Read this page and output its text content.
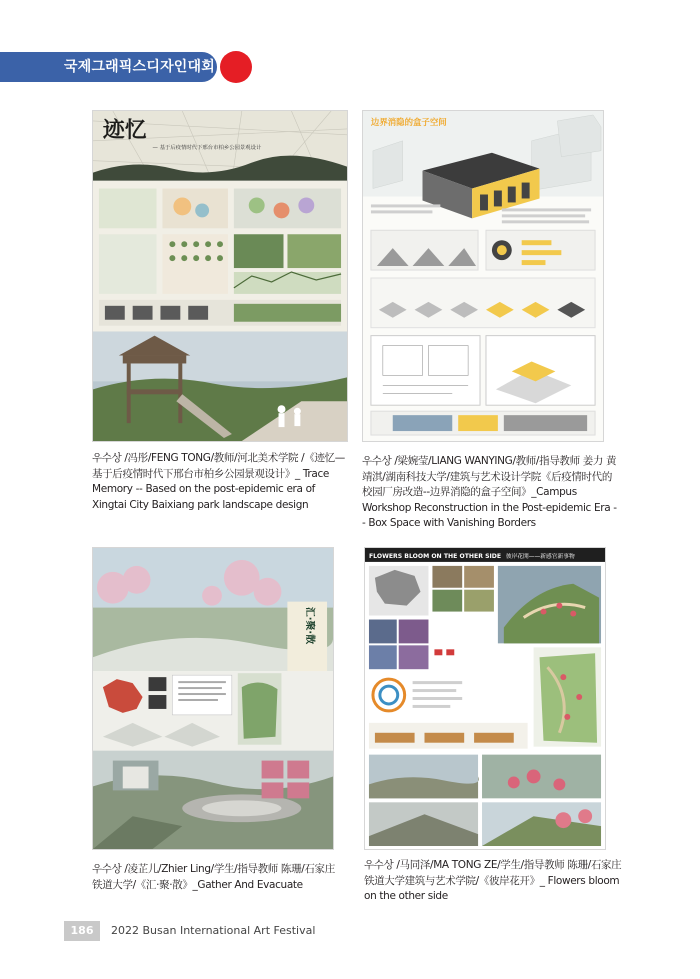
국제그래픽스디자인대회
迹忆
— 基于后疫情时代下邢台市柏乡公园景观设计
우수상 /冯彤/FENG TONG/教师/河北美术学院 /《迹忆—基于后疫情时代下邢台市柏乡公园景观设计》_ Trace Memory -- Based on the post-epidemic era of Xingtai City Baixiang park landscape design
边界消隐的盒子空间
우수상 /梁婉莹/LIANG WANYING/教师/指导教师 姜力 黄靖淇/湖南科技大学/建筑与艺术设计学院《后疫情时代的校园厂房改造--边界消隐的盒子空间》_Campus Workshop Reconstruction in the Post-epidemic Era -- Box Space with Vanishing Borders
汇·聚·散
우수상 /凌芷儿/Zhier Ling/学生/指导教师 陈珊/石家庄铁道大学/《汇·聚·散》_Gather And Evacuate
FLOWERS BLOOM ON THE OTHER SIDE 彼岸花開——新感官新事物
우수상 /马同泽/MA TONG ZE/学生/指导教师 陈珊/石家庄铁道大学建筑与艺术学院/《彼岸花开》_ Flowers bloom on the other side
186	2022 Busan International Art Festival
